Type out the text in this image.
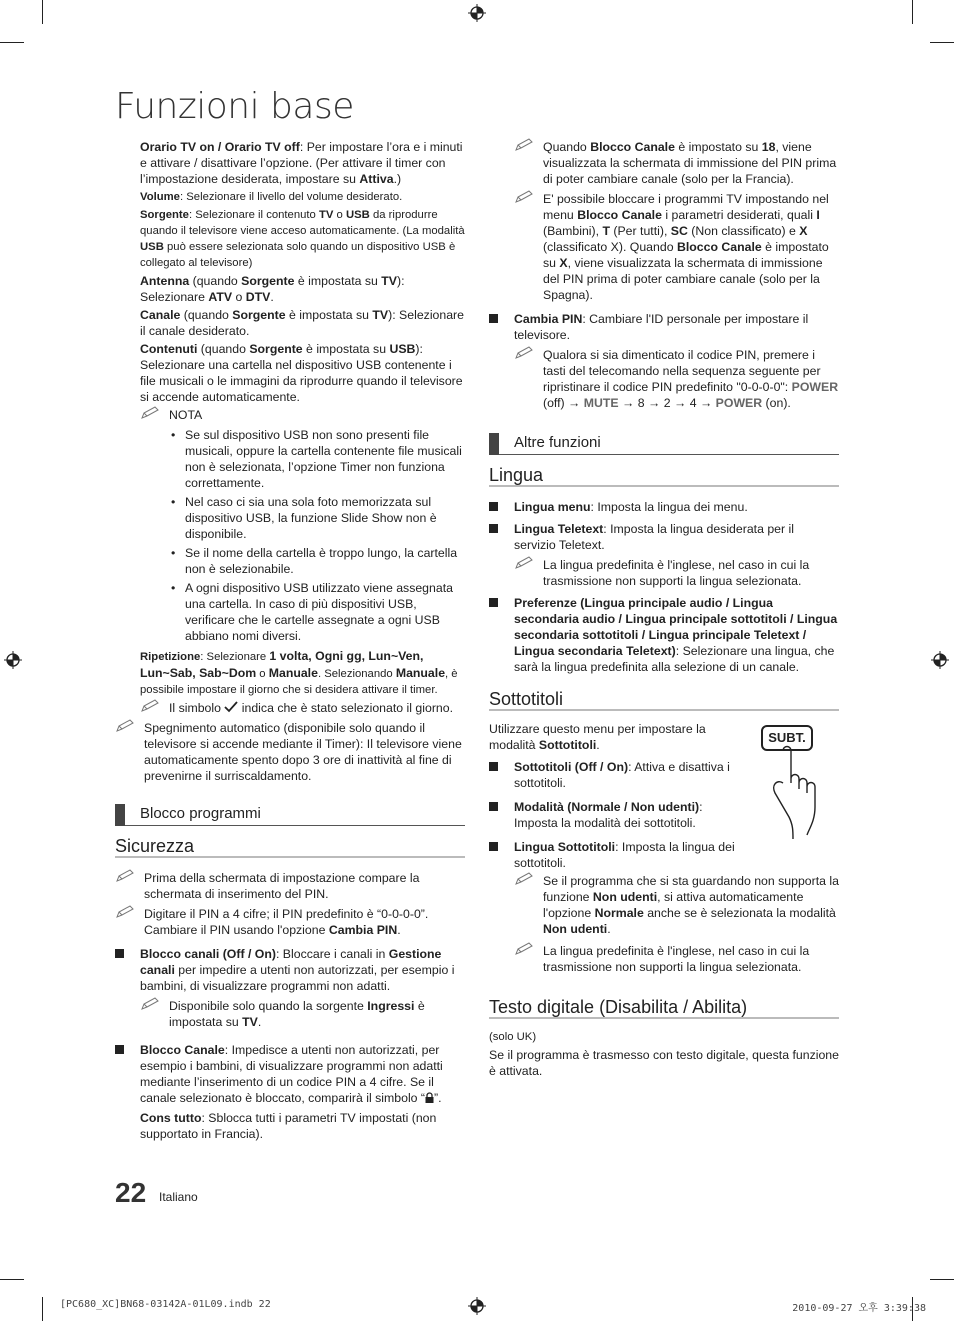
Funzioni base

Orario TV on / Orario TV off: Per impostare l’ora e i minuti e attivare / disattivare l’opzione. (Per attivare il timer con l’impostazione desiderata, impostare su Attiva.)

Volume: Selezionare il livello del volume desiderato.

Sorgente: Selezionare il contenuto TV o USB da riprodurre quando il televisore viene acceso automaticamente. (La modalità USB può essere selezionata solo quando un dispositivo USB è collegato al televisore)

Antenna (quando Sorgente è impostata su TV): Selezionare ATV o DTV.

Canale (quando Sorgente è impostata su TV): Selezionare il canale desiderato.

Contenuti (quando Sorgente è impostata su USB): Selezionare una cartella nel dispositivo USB contenente i file musicali o le immagini da riprodurre quando il televisore si accende automaticamente.

NOTA
• Se sul dispositivo USB non sono presenti file musicali, oppure la cartella contenente file musicali non è selezionata, l’opzione Timer non funziona correttamente.
• Nel caso ci sia una sola foto memorizzata sul dispositivo USB, la funzione Slide Show non è disponibile.
• Se il nome della cartella è troppo lungo, la cartella non è selezionabile.
• A ogni dispositivo USB utilizzato viene assegnata una cartella. In caso di più dispositivi USB, verificare che le cartelle assegnate a ogni USB abbiano nomi diversi.

Ripetizione: Selezionare 1 volta, Ogni gg, Lun~Ven, Lun~Sab, Sab~Dom o Manuale. Selezionando Manuale, è possibile impostare il giorno che si desidera attivare il timer.

Il simbolo  indica che è stato selezionato il giorno.
Spegnimento automatico (disponibile solo quando il televisore si accende mediante il Timer): Il televisore viene automaticamente spento dopo 3 ore di inattività al fine di prevenirne il surriscaldamento.

Blocco programmi

Sicurezza

Prima della schermata di impostazione compare la schermata di inserimento del PIN.
Digitare il PIN a 4 cifre; il PIN predefinito è “0-0-0-0”. Cambiare il PIN usando l'opzione Cambia PIN.
Blocco canali (Off / On): Bloccare i canali in Gestione canali per impedire a utenti non autorizzati, per esempio i bambini, di visualizzare programmi non adatti.
Disponibile solo quando la sorgente Ingressi è impostata su TV.
Blocco Canale: Impedisce a utenti non autorizzati, per esempio i bambini, di visualizzare programmi non adatti mediante l’inserimento di un codice PIN a 4 cifre. Se il canale selezionato è bloccato, comparirà il simbolo “ ”.

Cons tutto: Sblocca tutti i parametri TV impostati (non supportato in Francia).

Quando Blocco Canale è impostato su 18, viene visualizzata la schermata di immissione del PIN prima di poter cambiare canale (solo per la Francia).
E' possibile bloccare i programmi TV impostando nel menu Blocco Canale i parametri desiderati, quali I (Bambini), T (Per tutti), SC (Non classificato) e X (classificato X). Quando Blocco Canale è impostato su X, viene visualizzata la schermata di immissione del PIN prima di poter cambiare canale (solo per la Spagna).
Cambia PIN: Cambiare l'ID personale per impostare il televisore.
Qualora si sia dimenticato il codice PIN, premere i tasti del telecomando nella sequenza seguente per ripristinare il codice PIN predefinito "0-0-0-0": POWER (off) → MUTE → 8 → 2 → 4 → POWER (on).

Altre funzioni

Lingua

Lingua menu: Imposta la lingua dei menu.
Lingua Teletext: Imposta la lingua desiderata per il servizio Teletext.
La lingua predefinita è l'inglese, nel caso in cui la trasmissione non supporti la lingua selezionata.
Preferenze (Lingua principale audio / Lingua secondaria audio / Lingua principale sottotitoli / Lingua secondaria sottotitoli / Lingua principale Teletext / Lingua secondaria Teletext): Selezionare una lingua, che sarà la lingua predefinita alla selezione di un canale.

Sottotitoli

SUBT.

Utilizzare questo menu per impostare la modalità Sottotitoli.

Sottotitoli (Off / On): Attiva e disattiva i sottotitoli.
Modalità (Normale / Non udenti): Imposta la modalità dei sottotitoli.
Lingua Sottotitoli: Imposta la lingua dei sottotitoli.
Se il programma che si sta guardando non supporta la funzione Non udenti, si attiva automaticamente l'opzione Normale anche se è selezionata la modalità Non udenti.
La lingua predefinita è l'inglese, nel caso in cui la trasmissione non supporti la lingua selezionata.

Testo digitale (Disabilita / Abilita)

(solo UK)

Se il programma è trasmesso con testo digitale, questa funzione è attivata.

22 Italiano
[PC680_XC]BN68-03142A-01L09.indb 22	2010-09-27 오후 3:39:38
